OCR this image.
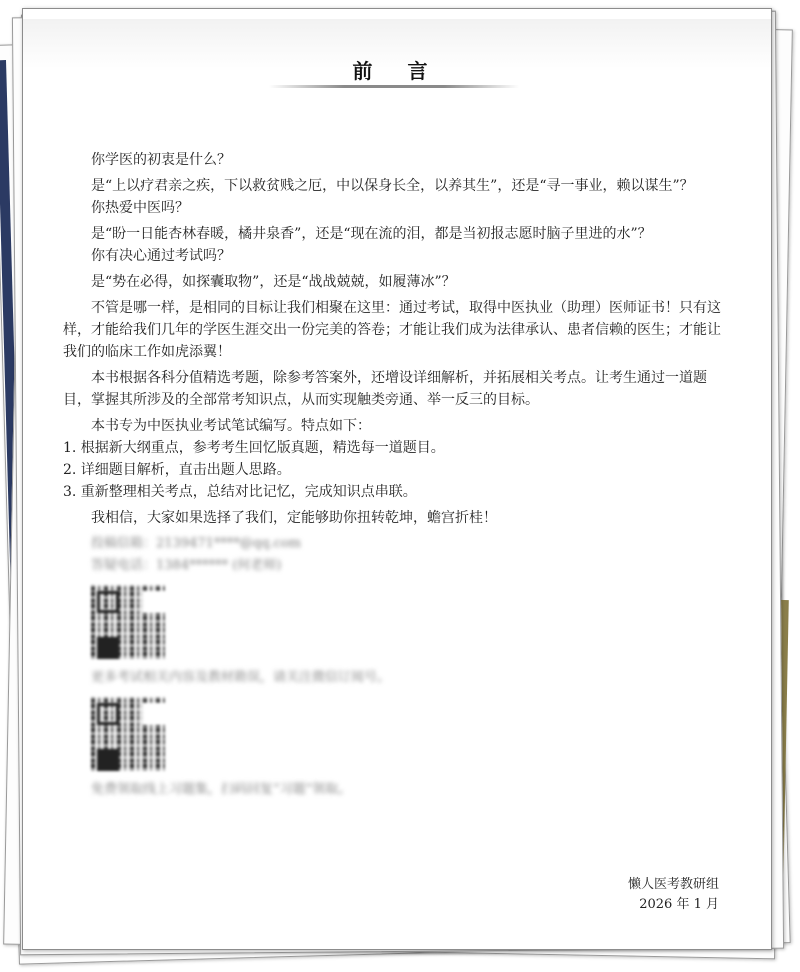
前 言

你学医的初衷是什么？

是“上以疗君亲之疾，下以救贫贱之厄，中以保身长全，以养其生”，还是“寻一事业，赖以谋生”？

你热爱中医吗？

是“盼一日能杏林春暖，橘井泉香”，还是“现在流的泪，都是当初报志愿时脑子里进的水”？

你有决心通过考试吗？

是“势在必得，如探囊取物”，还是“战战兢兢，如履薄冰”？

不管是哪一样，是相同的目标让我们相聚在这里：通过考试，取得中医执业（助理）医师证书！只有这样，才能给我们几年的学医生涯交出一份完美的答卷；才能让我们成为法律承认、患者信赖的医生；才能让我们的临床工作如虎添翼！

本书根据各科分值精选考题，除参考答案外，还增设详细解析，并拓展相关考点。让考生通过一道题目，掌握其所涉及的全部常考知识点，从而实现触类旁通、举一反三的目标。

本书专为中医执业考试笔试编写。特点如下：

1. 根据新大纲重点，参考考生回忆版真题，精选每一道题目。

2. 详细题目解析，直击出题人思路。

3. 重新整理相关考点，总结对比记忆，完成知识点串联。

我相信，大家如果选择了我们，定能够助你扭转乾坤，蟾宫折桂！

投稿信箱：2139471****@qq.com
答疑电话：1384****** (何老师)
更多考试相关内容及教材勘误，请关注微信订阅号。
免费领取线上习题集，扫码回复“习题”领取。
懒人医考教研组
2026 年 1 月
